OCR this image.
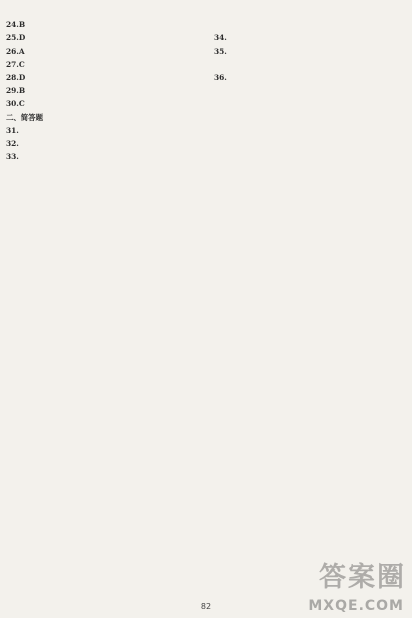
24.B

25.D

26.A

27.C

28.D

29.B

30.C

二、简答题

31.

32.

33.

34.

35.

36.

82
答案圈
MXQE.COM
